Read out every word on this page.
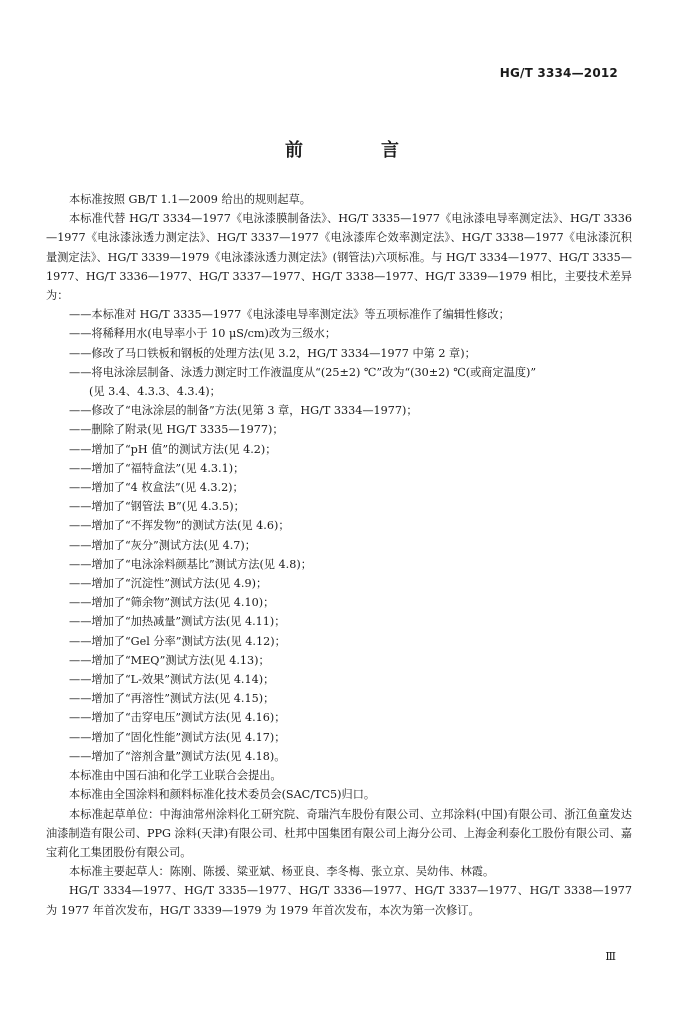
HG/T 3334—2012
前　言

本标准按照 GB/T 1.1—2009 给出的规则起草。

本标准代替 HG/T 3334—1977《电泳漆膜制备法》、HG/T 3335—1977《电泳漆电导率测定法》、HG/T 3336—1977《电泳漆泳透力测定法》、HG/T 3337—1977《电泳漆库仑效率测定法》、HG/T 3338—1977《电泳漆沉积量测定法》、HG/T 3339—1979《电泳漆泳透力测定法》(钢管法)六项标准。与 HG/T 3334—1977、HG/T 3335—1977、HG/T 3336—1977、HG/T 3337—1977、HG/T 3338—1977、HG/T 3339—1979 相比，主要技术差异为：

——本标准对 HG/T 3335—1977《电泳漆电导率测定法》等五项标准作了编辑性修改；

——将稀释用水(电导率小于 10 μS/cm)改为三级水；

——修改了马口铁板和钢板的处理方法(见 3.2，HG/T 3334—1977 中第 2 章)；

——将电泳涂层制备、泳透力测定时工作液温度从“(25±2) ℃”改为“(30±2) ℃(或商定温度)”

(见 3.4、4.3.3、4.3.4)；

——修改了“电泳涂层的制备”方法(见第 3 章，HG/T 3334—1977)；

——删除了附录(见 HG/T 3335—1977)；

——增加了“pH 值”的测试方法(见 4.2)；

——增加了“福特盒法”(见 4.3.1)；

——增加了“4 枚盒法”(见 4.3.2)；

——增加了“钢管法 B”(见 4.3.5)；

——增加了“不挥发物”的测试方法(见 4.6)；

——增加了“灰分”测试方法(见 4.7)；

——增加了“电泳涂料颜基比”测试方法(见 4.8)；

——增加了“沉淀性”测试方法(见 4.9)；

——增加了“筛余物”测试方法(见 4.10)；

——增加了“加热减量”测试方法(见 4.11)；

——增加了“Gel 分率”测试方法(见 4.12)；

——增加了“MEQ”测试方法(见 4.13)；

——增加了“L-效果”测试方法(见 4.14)；

——增加了“再溶性”测试方法(见 4.15)；

——增加了“击穿电压”测试方法(见 4.16)；

——增加了“固化性能”测试方法(见 4.17)；

——增加了“溶剂含量”测试方法(见 4.18)。

本标准由中国石油和化学工业联合会提出。

本标准由全国涂料和颜料标准化技术委员会(SAC/TC5)归口。

本标准起草单位：中海油常州涂料化工研究院、奇瑞汽车股份有限公司、立邦涂料(中国)有限公司、浙江鱼童发达油漆制造有限公司、PPG 涂料(天津)有限公司、杜邦中国集团有限公司上海分公司、上海金利泰化工股份有限公司、嘉宝莉化工集团股份有限公司。

本标准主要起草人：陈刚、陈援、粱亚斌、杨亚良、李冬梅、张立京、吴幼伟、林霞。

HG/T 3334—1977、HG/T 3335—1977、HG/T 3336—1977、HG/T 3337—1977、HG/T 3338—1977 为 1977 年首次发布，HG/T 3339—1979 为 1979 年首次发布，本次为第一次修订。

Ⅲ
